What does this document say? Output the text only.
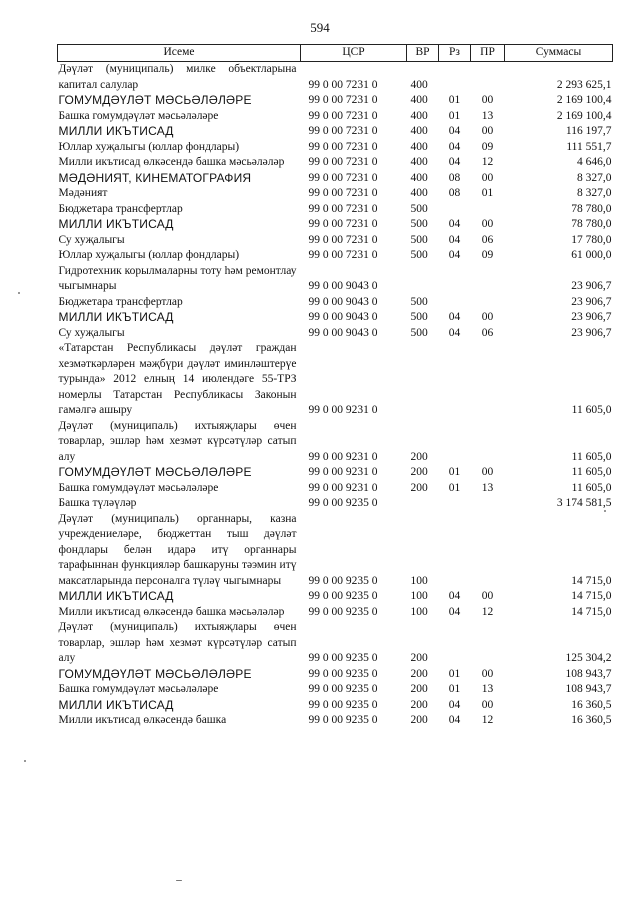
594
Исеме	ЦСР	ВР	Рз	ПР	Суммасы
Дәүләт (муниципаль) милке объектларына капитал салулар	99 0 00 7231 0	400			2 293 625,1
ГОМУМДӘҮЛӘТ МӘСЬӘЛӘЛӘРЕ	99 0 00 7231 0	400	01	00	2 169 100,4
Башка гомумдәүләт мәсьәләләре	99 0 00 7231 0	400	01	13	2 169 100,4
МИЛЛИ ИКЪТИСАД	99 0 00 7231 0	400	04	00	116 197,7
Юллар хуҗалыгы (юллар фондлары)	99 0 00 7231 0	400	04	09	111 551,7
Милли икътисад өлкәсендә башка мәсьәләләр	99 0 00 7231 0	400	04	12	4 646,0
МӘДӘНИЯТ, КИНЕМАТОГРАФИЯ	99 0 00 7231 0	400	08	00	8 327,0
Мәдәният	99 0 00 7231 0	400	08	01	8 327,0
Бюджетара трансфертлар	99 0 00 7231 0	500			78 780,0
МИЛЛИ ИКЪТИСАД	99 0 00 7231 0	500	04	00	78 780,0
Су хуҗалыгы	99 0 00 7231 0	500	04	06	17 780,0
Юллар хуҗалыгы (юллар фондлары)	99 0 00 7231 0	500	04	09	61 000,0
Гидротехник корылмаларны тоту һәм ремонтлау чыгымнары	99 0 00 9043 0				23 906,7
Бюджетара трансфертлар	99 0 00 9043 0	500			23 906,7
МИЛЛИ ИКЪТИСАД	99 0 00 9043 0	500	04	00	23 906,7
Су хуҗалыгы	99 0 00 9043 0	500	04	06	23 906,7
«Татарстан Республикасы дәүләт граждан хезмәткәрләрен мәҗбүри дәүләт иминләштерүе турында» 2012 елның 14 июлендәге 55-ТРЗ номерлы Татарстан Республикасы Законын гамәлгә ашыру	99 0 00 9231 0				11 605,0
Дәүләт (муниципаль) ихтыяҗлары өчен товарлар, эшләр һәм хезмәт күрсәтүләр сатып алу	99 0 00 9231 0	200			11 605,0
ГОМУМДӘҮЛӘТ МӘСЬӘЛӘЛӘРЕ	99 0 00 9231 0	200	01	00	11 605,0
Башка гомумдәүләт мәсьәләләре	99 0 00 9231 0	200	01	13	11 605,0
Башка түләүләр	99 0 00 9235 0				3 174 581,5
Дәүләт (муниципаль) органнары, казна учреждениеләре, бюджеттан тыш дәүләт фондлары белән идарә итү органнары тарафыннан функцияләр башкаруны тәэмин итү максатларында персоналга түләү чыгымнары	99 0 00 9235 0	100			14 715,0
МИЛЛИ ИКЪТИСАД	99 0 00 9235 0	100	04	00	14 715,0
Милли икътисад өлкәсендә башка мәсьәләләр	99 0 00 9235 0	100	04	12	14 715,0
Дәүләт (муниципаль) ихтыяҗлары өчен товарлар, эшләр һәм хезмәт күрсәтүләр сатып алу	99 0 00 9235 0	200			125 304,2
ГОМУМДӘҮЛӘТ МӘСЬӘЛӘЛӘРЕ	99 0 00 9235 0	200	01	00	108 943,7
Башка гомумдәүләт мәсьәләләре	99 0 00 9235 0	200	01	13	108 943,7
МИЛЛИ ИКЪТИСАД	99 0 00 9235 0	200	04	00	16 360,5
Милли икътисад өлкәсендә башка	99 0 00 9235 0	200	04	12	16 360,5
